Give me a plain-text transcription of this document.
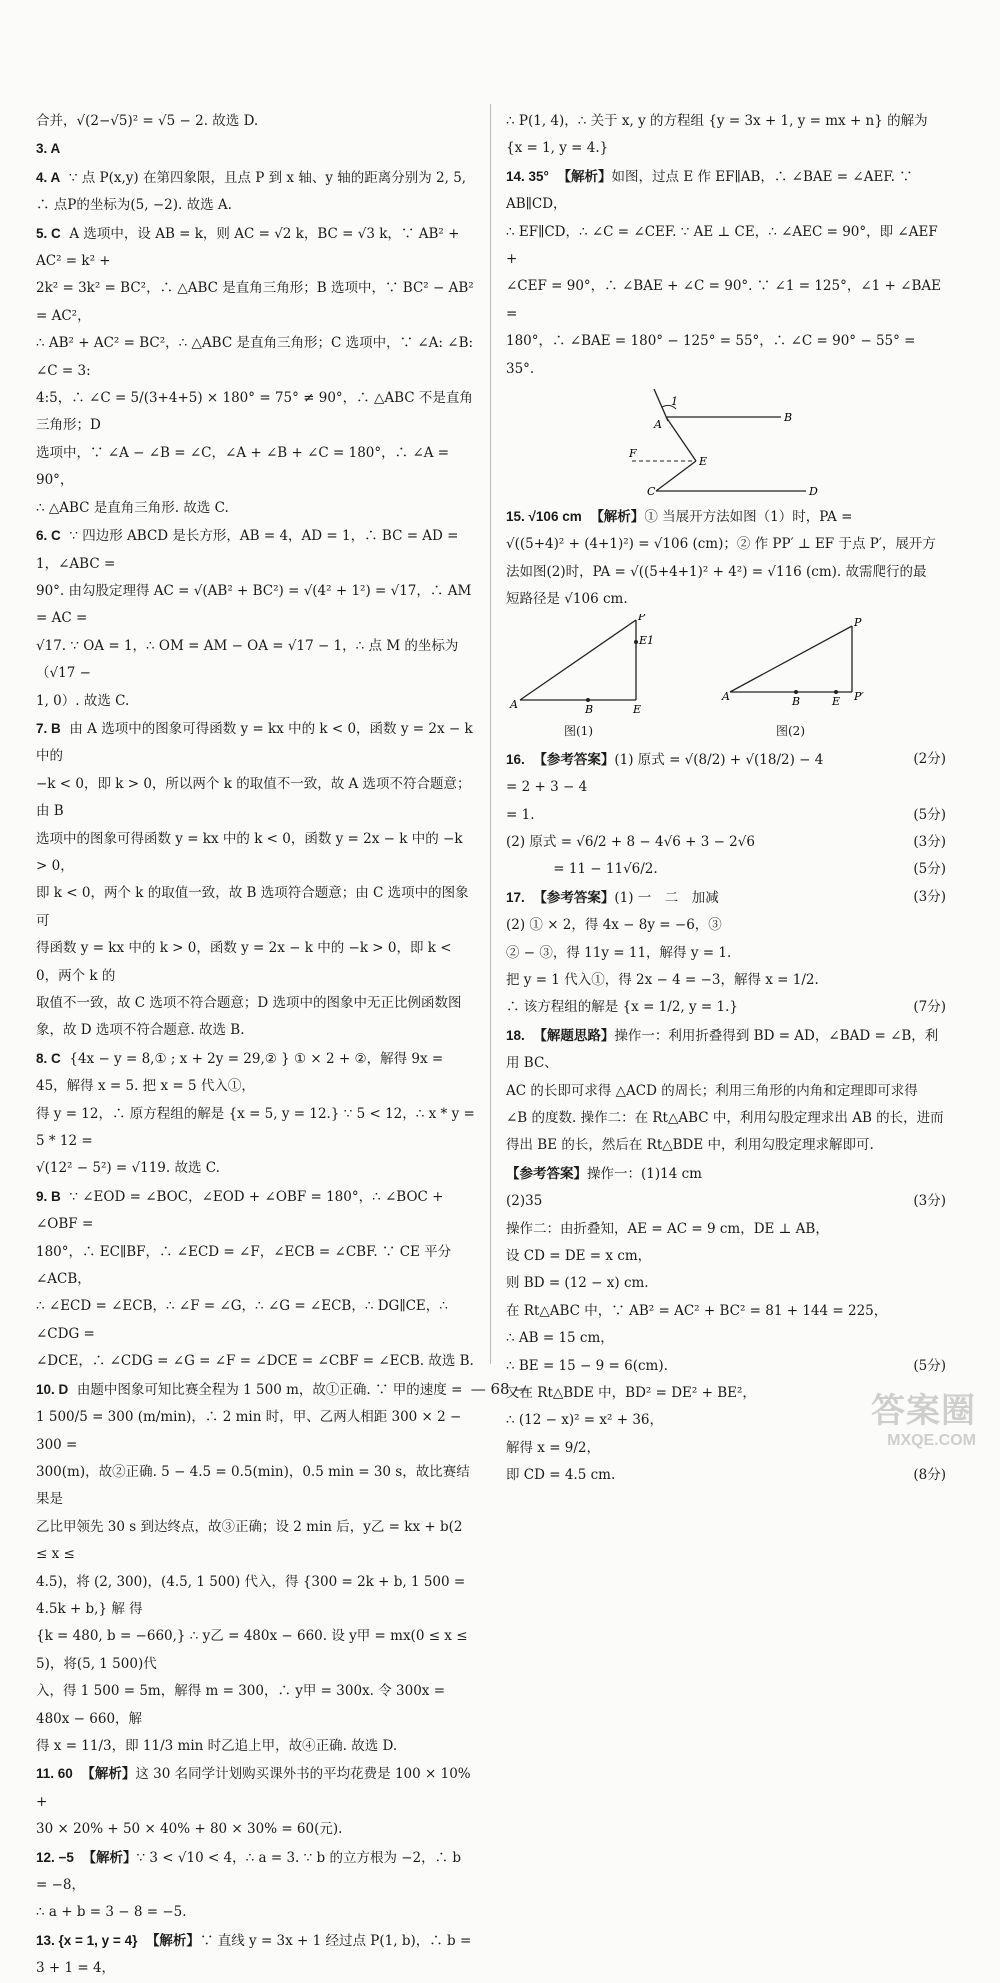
合并，√(2−√5)² = √5 − 2. 故选 D.
3. A
4. A ∵ 点 P(x,y) 在第四象限，且点 P 到 x 轴、y 轴的距离分别为 2, 5,
∴ 点P的坐标为(5, −2). 故选 A.
5. C A 选项中，设 AB = k，则 AC = √2 k，BC = √3 k，∵ AB² + AC² = k² +
2k² = 3k² = BC²，∴ △ABC 是直角三角形；B 选项中，∵ BC² − AB² = AC²，
∴ AB² + AC² = BC²，∴ △ABC 是直角三角形；C 选项中，∵ ∠A: ∠B: ∠C = 3:
4:5，∴ ∠C = 5/(3+4+5) × 180° = 75° ≠ 90°，∴ △ABC 不是直角三角形；D
选项中，∵ ∠A − ∠B = ∠C，∠A + ∠B + ∠C = 180°，∴ ∠A = 90°，
∴ △ABC 是直角三角形. 故选 C.
6. C ∵ 四边形 ABCD 是长方形，AB = 4，AD = 1，∴ BC = AD = 1，∠ABC =
90°. 由勾股定理得 AC = √(AB² + BC²) = √(4² + 1²) = √17，∴ AM = AC =
√17. ∵ OA = 1，∴ OM = AM − OA = √17 − 1，∴ 点 M 的坐标为（√17 −
1, 0）. 故选 C.
7. B 由 A 选项中的图象可得函数 y = kx 中的 k < 0，函数 y = 2x − k 中的
−k < 0，即 k > 0，所以两个 k 的取值不一致，故 A 选项不符合题意；由 B
选项中的图象可得函数 y = kx 中的 k < 0，函数 y = 2x − k 中的 −k > 0，
即 k < 0，两个 k 的取值一致，故 B 选项符合题意；由 C 选项中的图象可
得函数 y = kx 中的 k > 0，函数 y = 2x − k 中的 −k > 0，即 k < 0，两个 k 的
取值不一致，故 C 选项不符合题意；D 选项中的图象中无正比例函数图
象，故 D 选项不符合题意. 故选 B.
8. C {4x − y = 8,① ; x + 2y = 29,② } ① × 2 + ②，解得 9x = 45，解得 x = 5. 把 x = 5 代入①，
得 y = 12，∴ 原方程组的解是 {x = 5, y = 12.} ∵ 5 < 12，∴ x * y = 5 * 12 =
√(12² − 5²) = √119. 故选 C.
9. B ∵ ∠EOD = ∠BOC，∠EOD + ∠OBF = 180°，∴ ∠BOC + ∠OBF =
180°，∴ EC∥BF，∴ ∠ECD = ∠F，∠ECB = ∠CBF. ∵ CE 平分 ∠ACB，
∴ ∠ECD = ∠ECB，∴ ∠F = ∠G，∴ ∠G = ∠ECB，∴ DG∥CE，∴ ∠CDG =
∠DCE，∴ ∠CDG = ∠G = ∠F = ∠DCE = ∠CBF = ∠ECB. 故选 B.
10. D 由题中图象可知比赛全程为 1 500 m，故①正确. ∵ 甲的速度 =
1 500/5 = 300 (m/min)，∴ 2 min 时，甲、乙两人相距 300 × 2 − 300 =
300(m)，故②正确. 5 − 4.5 = 0.5(min)，0.5 min = 30 s，故比赛结果是
乙比甲领先 30 s 到达终点，故③正确；设 2 min 后，y乙 = kx + b(2 ≤ x ≤
4.5)，将 (2, 300)，(4.5, 1 500) 代入，得 {300 = 2k + b, 1 500 = 4.5k + b,} 解 得
{k = 480, b = −660,} ∴ y乙 = 480x − 660. 设 y甲 = mx(0 ≤ x ≤ 5)，将(5, 1 500)代
入，得 1 500 = 5m，解得 m = 300，∴ y甲 = 300x. 令 300x = 480x − 660，解
得 x = 11/3，即 11/3 min 时乙追上甲，故④正确. 故选 D.
11. 60 【解析】这 30 名同学计划购买课外书的平均花费是 100 × 10% +
30 × 20% + 50 × 40% + 80 × 30% = 60(元).
12. −5 【解析】∵ 3 < √10 < 4，∴ a = 3. ∵ b 的立方根为 −2，∴ b = −8，
∴ a + b = 3 − 8 = −5.
13. {x = 1, y = 4} 【解析】∵ 直线 y = 3x + 1 经过点 P(1, b)，∴ b = 3 + 1 = 4，
∴ P(1, 4)，∴ 关于 x, y 的方程组 {y = 3x + 1, y = mx + n} 的解为 {x = 1, y = 4.}
14. 35° 【解析】如图，过点 E 作 EF∥AB，∴ ∠BAE = ∠AEF. ∵ AB∥CD，
∴ EF∥CD，∴ ∠C = ∠CEF. ∵ AE ⊥ CE，∴ ∠AEC = 90°，即 ∠AEF +
∠CEF = 90°，∴ ∠BAE + ∠C = 90°. ∵ ∠1 = 125°，∠1 + ∠BAE =
180°，∴ ∠BAE = 180° − 125° = 55°，∴ ∠C = 90° − 55° = 35°.
1
A
B
F
E
C	D
15. √106 cm 【解析】① 当展开方法如图（1）时，PA =
√((5+4)² + (4+1)²) = √106 (cm)；② 作 PP′ ⊥ EF 于点 P′，展开方
法如图(2)时，PA = √((5+4+1)² + 4²) = √116 (cm). 故需爬行的最
短路径是 √106 cm.
P
E1
A	B	E
P
A	B	E P′
图(1)	图(2)
16. 【参考答案】(1) 原式 = √(8/2) + √(18/2) − 4	(2分)
= 2 + 3 − 4
= 1.	(5分)
(2) 原式 = √6/2 + 8 − 4√6 + 3 − 2√6	(3分)
= 11 − 11√6/2.	(5分)
17. 【参考答案】(1) 一　二　加减	(3分)
(2) ① × 2，得 4x − 8y = −6，③
② − ③，得 11y = 11，解得 y = 1.
把 y = 1 代入①，得 2x − 4 = −3，解得 x = 1/2.
∴ 该方程组的解是 {x = 1/2, y = 1.}	(7分)
18. 【解题思路】操作一：利用折叠得到 BD = AD，∠BAD = ∠B，利用 BC、
AC 的长即可求得 △ACD 的周长；利用三角形的内角和定理即可求得
∠B 的度数. 操作二：在 Rt△ABC 中，利用勾股定理求出 AB 的长，进而
得出 BE 的长，然后在 Rt△BDE 中，利用勾股定理求解即可.
【参考答案】操作一：(1)14 cm
(2)35	(3分)
操作二：由折叠知，AE = AC = 9 cm，DE ⊥ AB，
设 CD = DE = x cm，
则 BD = (12 − x) cm.
在 Rt△ABC 中，∵ AB² = AC² + BC² = 81 + 144 = 225，
∴ AB = 15 cm，
∴ BE = 15 − 9 = 6(cm).	(5分)
又在 Rt△BDE 中，BD² = DE² + BE²，
∴ (12 − x)² = x² + 36，
解得 x = 9/2，
即 CD = 4.5 cm.	(8分)
— 68 —
答案圈
MXQE.COM
